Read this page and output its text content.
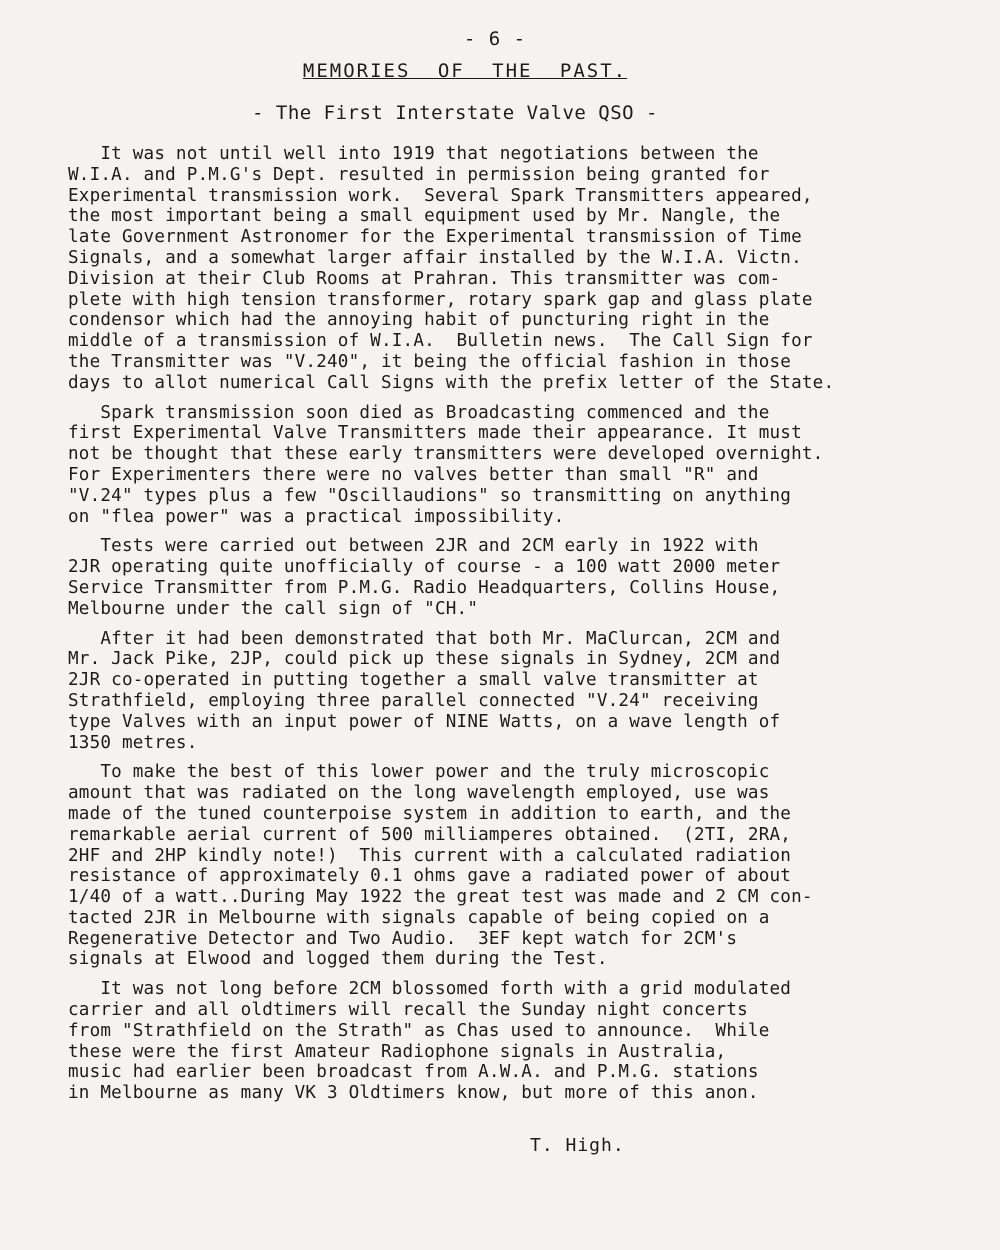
- 6 -
MEMORIES OF THE PAST.
- The First Interstate Valve QSO -
It was not until well into 1919 that negotiations between the
W.I.A. and P.M.G's Dept. resulted in permission being granted for
Experimental transmission work.  Several Spark Transmitters appeared,
the most important being a small equipment used by Mr. Nangle, the
late Government Astronomer for the Experimental transmission of Time
Signals, and a somewhat larger affair installed by the W.I.A. Victn.
Division at their Club Rooms at Prahran. This transmitter was com-
plete with high tension transformer, rotary spark gap and glass plate
condensor which had the annoying habit of puncturing right in the
middle of a transmission of W.I.A.  Bulletin news.  The Call Sign for
the Transmitter was "V.240", it being the official fashion in those
days to allot numerical Call Signs with the prefix letter of the State.
Spark transmission soon died as Broadcasting commenced and the
first Experimental Valve Transmitters made their appearance. It must
not be thought that these early transmitters were developed overnight.
For Experimenters there were no valves better than small "R" and
"V.24" types plus a few "Oscillaudions" so transmitting on anything
on "flea power" was a practical impossibility.
Tests were carried out between 2JR and 2CM early in 1922 with
2JR operating quite unofficially of course - a 100 watt 2000 meter
Service Transmitter from P.M.G. Radio Headquarters, Collins House,
Melbourne under the call sign of "CH."
After it had been demonstrated that both Mr. MaClurcan, 2CM and
Mr. Jack Pike, 2JP, could pick up these signals in Sydney, 2CM and
2JR co-operated in putting together a small valve transmitter at
Strathfield, employing three parallel connected "V.24" receiving
type Valves with an input power of NINE Watts, on a wave length of
1350 metres.
To make the best of this lower power and the truly microscopic
amount that was radiated on the long wavelength employed, use was
made of the tuned counterpoise system in addition to earth, and the
remarkable aerial current of 500 milliamperes obtained.  (2TI, 2RA,
2HF and 2HP kindly note!)  This current with a calculated radiation
resistance of approximately 0.1 ohms gave a radiated power of about
1/40 of a watt..During May 1922 the great test was made and 2 CM con-
tacted 2JR in Melbourne with signals capable of being copied on a
Regenerative Detector and Two Audio.  3EF kept watch for 2CM's
signals at Elwood and logged them during the Test.
It was not long before 2CM blossomed forth with a grid modulated
carrier and all oldtimers will recall the Sunday night concerts
from "Strathfield on the Strath" as Chas used to announce.  While
these were the first Amateur Radiophone signals in Australia,
music had earlier been broadcast from A.W.A. and P.M.G. stations
in Melbourne as many VK 3 Oldtimers know, but more of this anon.
T. High.
